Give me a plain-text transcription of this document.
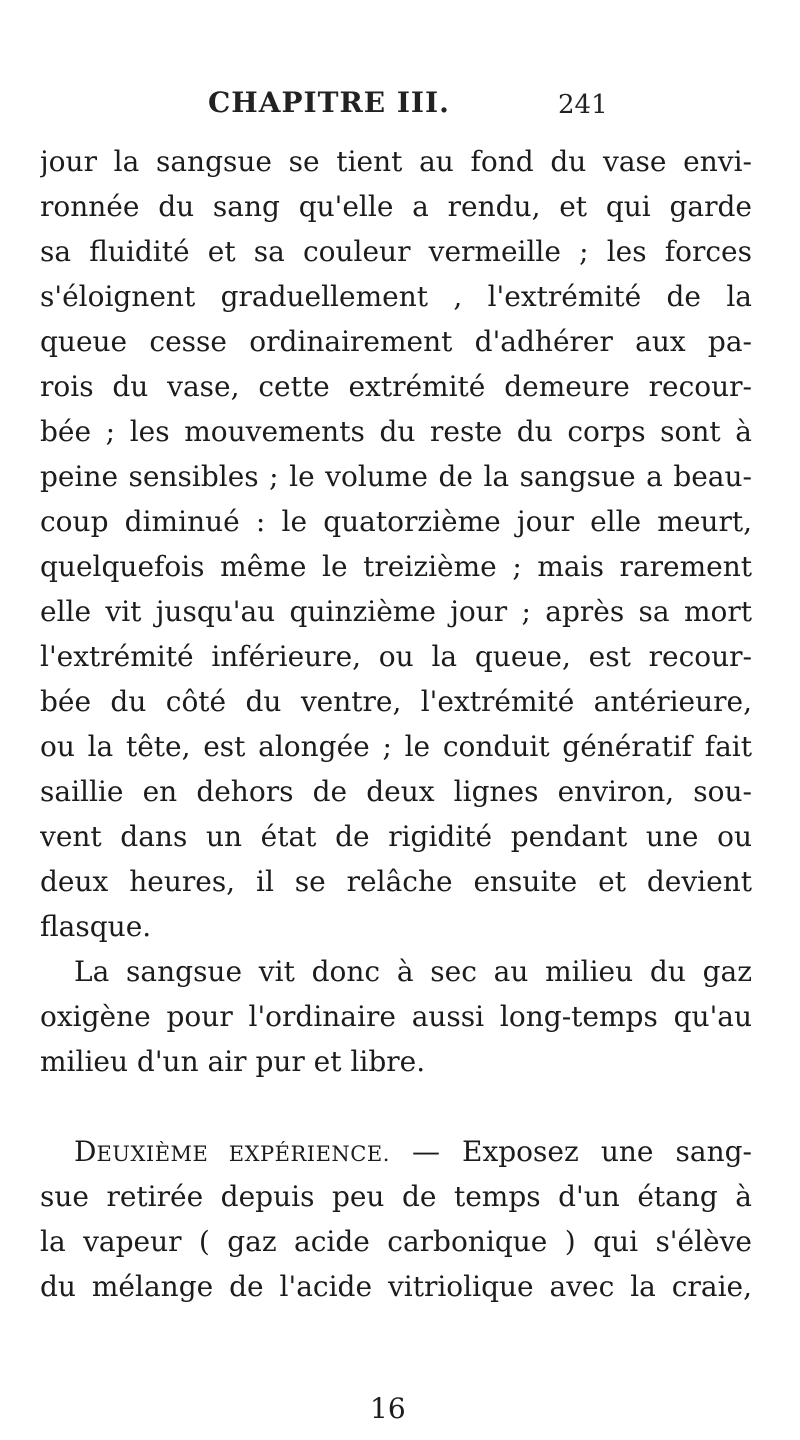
CHAPITRE III.	241
jour la sangsue se tient au fond du vase envi-
ronnée du sang qu'elle a rendu, et qui garde
sa fluidité et sa couleur vermeille ; les forces
s'éloignent graduellement , l'extrémité de la
queue cesse ordinairement d'adhérer aux pa-
rois du vase, cette extrémité demeure recour-
bée ; les mouvements du reste du corps sont à
peine sensibles ; le volume de la sangsue a beau-
coup diminué : le quatorzième jour elle meurt,
quelquefois même le treizième ; mais rarement
elle vit jusqu'au quinzième jour ; après sa mort
l'extrémité inférieure, ou la queue, est recour-
bée du côté du ventre, l'extrémité antérieure,
ou la tête, est alongée ; le conduit génératif fait
saillie en dehors de deux lignes environ, sou-
vent dans un état de rigidité pendant une ou
deux heures, il se relâche ensuite et devient
flasque.
La sangsue vit donc à sec au milieu du gaz
oxigène pour l'ordinaire aussi long-temps qu'au
milieu d'un air pur et libre.
DEUXIÈME EXPÉRIENCE. — Exposez une sang-
sue retirée depuis peu de temps d'un étang à
la vapeur ( gaz acide carbonique ) qui s'élève
du mélange de l'acide vitriolique avec la craie,
16
